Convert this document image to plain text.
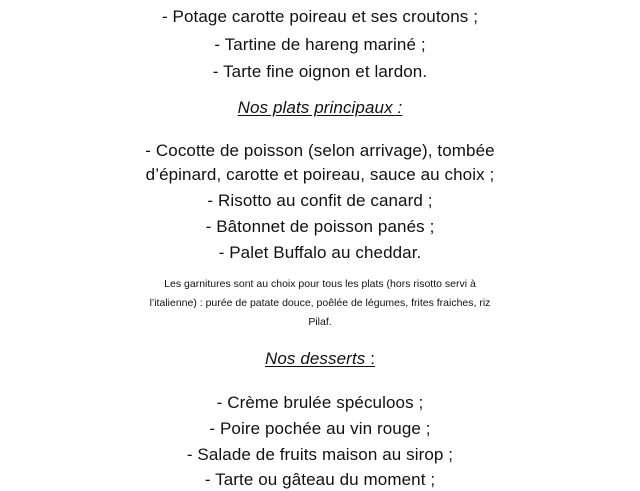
- Potage carotte poireau et ses croutons ;
- Tartine de hareng mariné ;
- Tarte fine oignon et lardon.
Nos plats principaux :
- Cocotte de poisson (selon arrivage), tombée
d’épinard, carotte et poireau, sauce au choix ;
- Risotto au confit de canard ;
- Bâtonnet de poisson panés ;
- Palet Buffalo au cheddar.
Les garnitures sont au choix pour tous les plats (hors risotto servi à
l’italienne) : purée de patate douce, poêlée de légumes, frites fraiches, riz
Pilaf.
Nos desserts :
- Crème brulée spéculoos ;
- Poire pochée au vin rouge ;
- Salade de fruits maison au sirop ;
- Tarte ou gâteau du moment ;
